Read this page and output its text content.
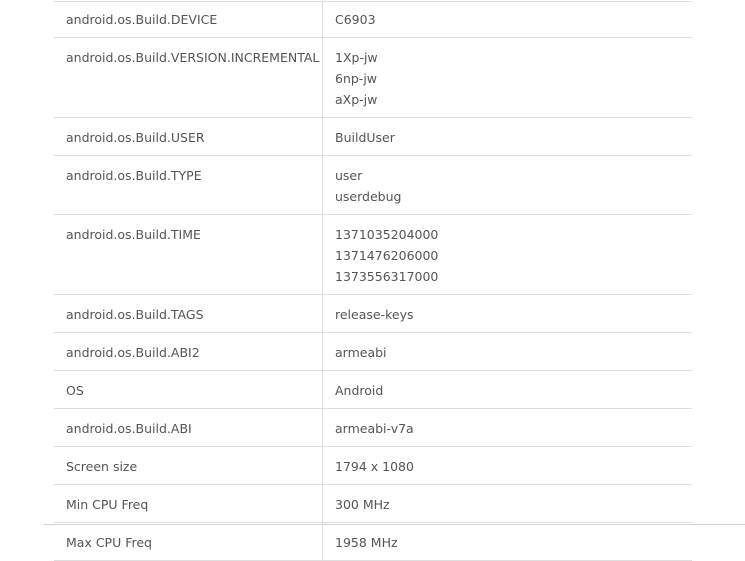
android.os.Build.DEVICE	C6903

android.os.Build.VERSION.INCREMENTAL	1Xp-jw
6np-jw
aXp-jw

android.os.Build.USER	BuildUser

android.os.Build.TYPE	user
userdebug

android.os.Build.TIME	1371035204000
1371476206000
1373556317000

android.os.Build.TAGS	release-keys

android.os.Build.ABI2	armeabi

OS	Android

android.os.Build.ABI	armeabi-v7a

Screen size	1794 x 1080

Min CPU Freq	300 MHz

Max CPU Freq	1958 MHz
